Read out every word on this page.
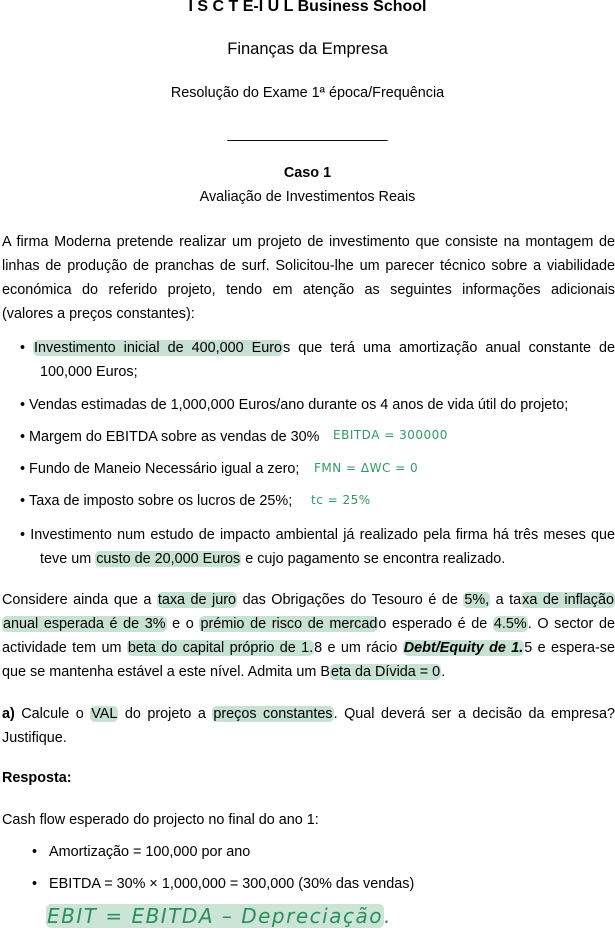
I S C T E-I U L Business School
Finanças da Empresa
Resolução do Exame 1ª época/Frequência
____________________
Caso 1
Avaliação de Investimentos Reais
A firma Moderna pretende realizar um projeto de investimento que consiste na montagem de
linhas de produção de pranchas de surf. Solicitou-lhe um parecer técnico sobre a viabilidade
económica do referido projeto, tendo em atenção as seguintes informações adicionais
(valores a preços constantes):
• Investimento inicial de 400,000 Euros que terá uma amortização anual constante de
100,000 Euros;
• Vendas estimadas de 1,000,000 Euros/ano durante os 4 anos de vida útil do projeto;
• Margem do EBITDA sobre as vendas de 30% EBITDA = 300000
• Fundo de Maneio Necessário igual a zero; FMN = ΔWC = 0
• Taxa de imposto sobre os lucros de 25%; tc = 25%
• Investimento num estudo de impacto ambiental já realizado pela firma há três meses que
teve um custo de 20,000 Euros e cujo pagamento se encontra realizado.
Considere ainda que a taxa de juro das Obrigações do Tesouro é de 5%, a taxa de inflação
anual esperada é de 3% e o prémio de risco de mercado esperado é de 4.5%. O sector de
actividade tem um beta do capital próprio de 1.8 e um rácio Debt/Equity de 1.5 e espera-se
que se mantenha estável a este nível. Admita um Beta da Dívida = 0.
a) Calcule o VAL do projeto a preços constantes. Qual deverá ser a decisão da empresa?
Justifique.
Resposta:
Cash flow esperado do projecto no final do ano 1:
•   Amortização = 100,000 por ano
•   EBITDA = 30% × 1,000,000 = 300,000 (30% das vendas)
EBIT = EBITDA – Depreciação.
